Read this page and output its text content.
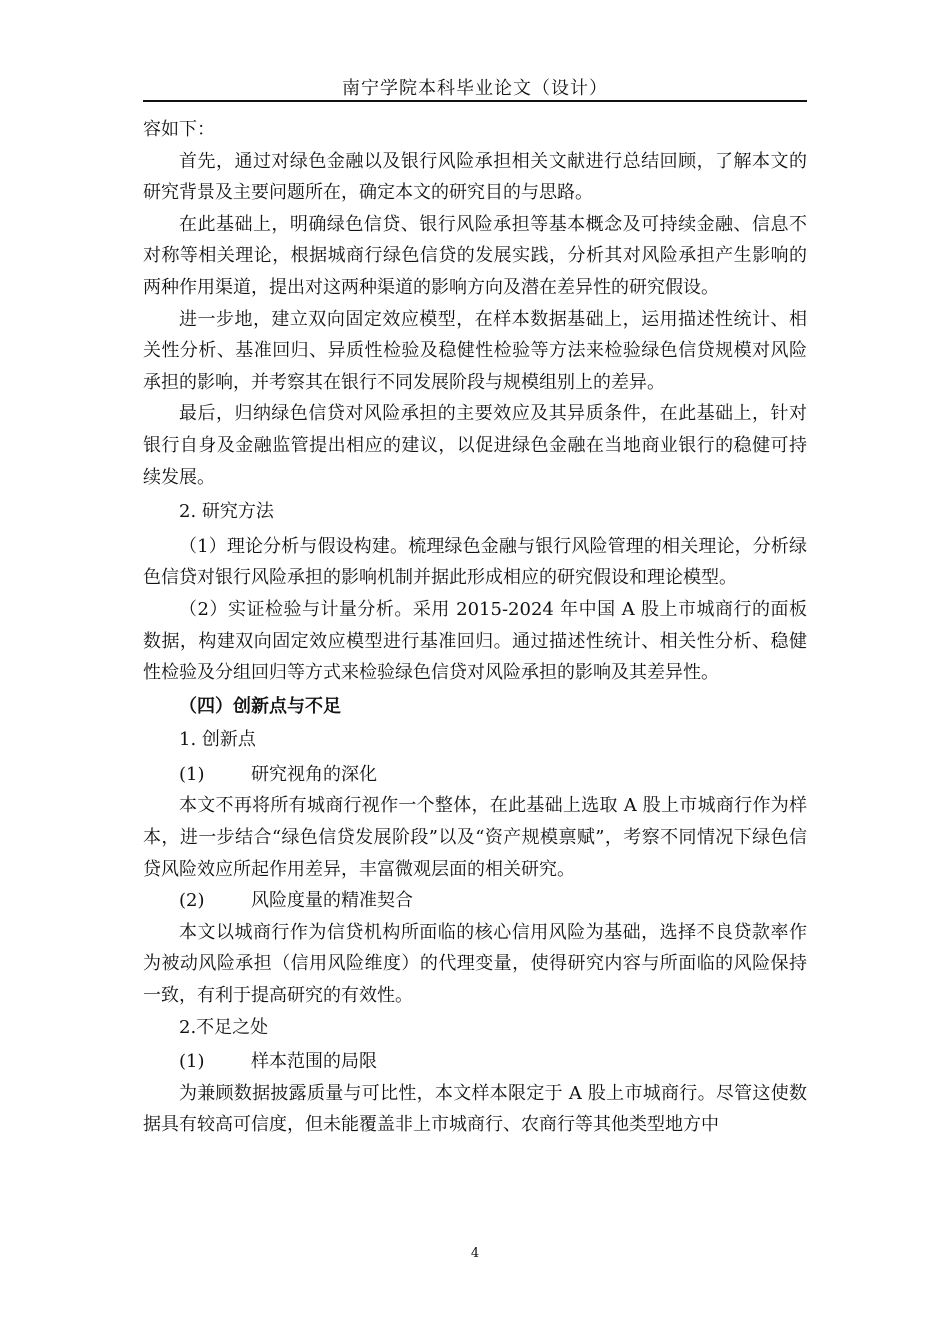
南宁学院本科毕业论文（设计）

容如下：

首先，通过对绿色金融以及银行风险承担相关文献进行总结回顾，了解本文的研究背景及主要问题所在，确定本文的研究目的与思路。

在此基础上，明确绿色信贷、银行风险承担等基本概念及可持续金融、信息不对称等相关理论，根据城商行绿色信贷的发展实践，分析其对风险承担产生影响的两种作用渠道，提出对这两种渠道的影响方向及潜在差异性的研究假设。

进一步地，建立双向固定效应模型，在样本数据基础上，运用描述性统计、相关性分析、基准回归、异质性检验及稳健性检验等方法来检验绿色信贷规模对风险承担的影响，并考察其在银行不同发展阶段与规模组别上的差异。

最后，归纳绿色信贷对风险承担的主要效应及其异质条件，在此基础上，针对银行自身及金融监管提出相应的建议，以促进绿色金融在当地商业银行的稳健可持续发展。

2. 研究方法

（1）理论分析与假设构建。梳理绿色金融与银行风险管理的相关理论，分析绿色信贷对银行风险承担的影响机制并据此形成相应的研究假设和理论模型。

（2）实证检验与计量分析。采用 2015-2024 年中国 A 股上市城商行的面板数据，构建双向固定效应模型进行基准回归。通过描述性统计、相关性分析、稳健性检验及分组回归等方式来检验绿色信贷对风险承担的影响及其差异性。

（四）创新点与不足

1. 创新点

(1)	研究视角的深化

本文不再将所有城商行视作一个整体，在此基础上选取 A 股上市城商行作为样本，进一步结合“绿色信贷发展阶段”以及“资产规模禀赋”，考察不同情况下绿色信贷风险效应所起作用差异，丰富微观层面的相关研究。

(2)	风险度量的精准契合

本文以城商行作为信贷机构所面临的核心信用风险为基础，选择不良贷款率作为被动风险承担（信用风险维度）的代理变量，使得研究内容与所面临的风险保持一致，有利于提高研究的有效性。

2.不足之处

(1)	样本范围的局限

为兼顾数据披露质量与可比性，本文样本限定于 A 股上市城商行。尽管这使数据具有较高可信度，但未能覆盖非上市城商行、农商行等其他类型地方中

4
